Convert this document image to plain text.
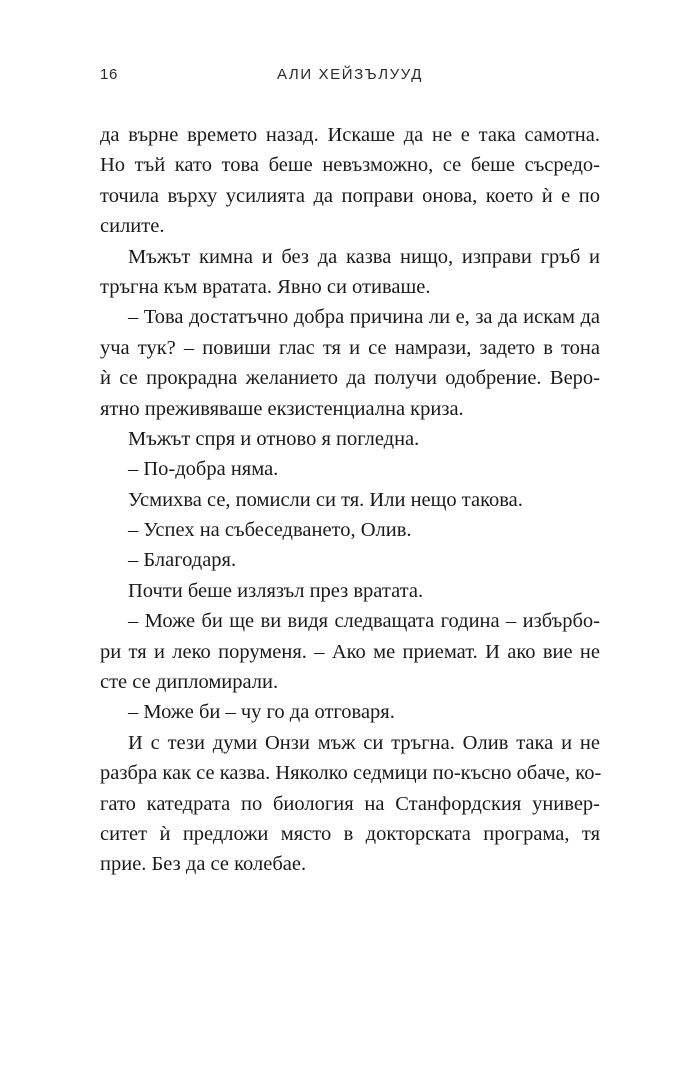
16	АЛИ ХЕЙЗЪЛУУД
да върне времето назад. Искаше да не е така самотна.
Но тъй като това беше невъзможно, се беше съсредо-
точила върху усилията да поправи онова, което ѝ е по
силите.
Мъжът кимна и без да казва нищо, изправи гръб и
тръгна към вратата. Явно си отиваше.
– Това достатъчно добра причина ли е, за да искам да
уча тук? – повиши глас тя и се намрази, задето в тона
ѝ се прокрадна желанието да получи одобрение. Веро-
ятно преживяваше екзистенциална криза.
Мъжът спря и отново я погледна.
– По-добра няма.
Усмихва се, помисли си тя. Или нещо такова.
– Успех на събеседването, Олив.
– Благодаря.
Почти беше излязъл през вратата.
– Може би ще ви видя следващата година – избърбо-
ри тя и леко поруменя. – Ако ме приемат. И ако вие не
сте се дипломирали.
– Може би – чу го да отговаря.
И с тези думи Онзи мъж си тръгна. Олив така и не
разбра как се казва. Няколко седмици по-късно обаче, ко-
гато катедрата по биология на Станфордския универ-
ситет ѝ предложи място в докторската програма, тя
прие. Без да се колебае.
